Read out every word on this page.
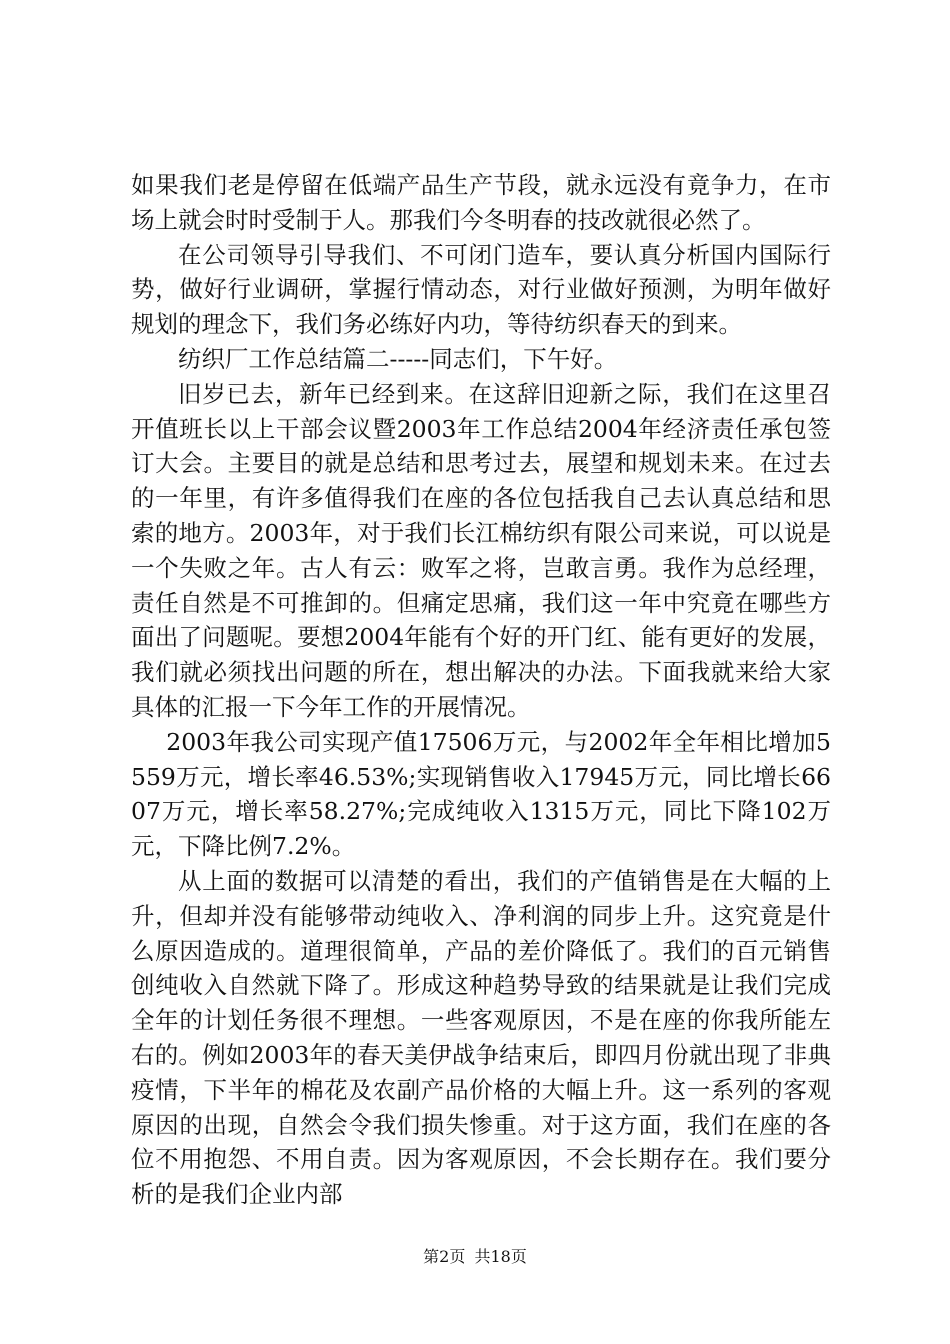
如果我们老是停留在低端产品生产节段，就永远没有竟争力，在市场上就会时时受制于人。那我们今冬明春的技改就很必然了。

在公司领导引导我们、不可闭门造车，要认真分析国内国际行势，做好行业调研，掌握行情动态，对行业做好预测，为明年做好规划的理念下，我们务必练好内功，等待纺织春天的到来。

纺织厂工作总结篇二-----同志们，下午好。

旧岁已去，新年已经到来。在这辞旧迎新之际，我们在这里召开值班长以上干部会议暨2003年工作总结2004年经济责任承包签订大会。主要目的就是总结和思考过去，展望和规划未来。在过去的一年里，有许多值得我们在座的各位包括我自己去认真总结和思索的地方。2003年，对于我们长江棉纺织有限公司来说，可以说是一个失败之年。古人有云：败军之将，岂敢言勇。我作为总经理，责任自然是不可推卸的。但痛定思痛，我们这一年中究竟在哪些方面出了问题呢。要想2004年能有个好的开门红、能有更好的发展，我们就必须找出问题的所在，想出解决的办法。下面我就来给大家具体的汇报一下今年工作的开展情况。

2003年我公司实现产值17506万元，与2002年全年相比增加5559万元，增长率46.53%;实现销售收入17945万元，同比增长6607万元，增长率58.27%;完成纯收入1315万元，同比下降102万元，下降比例7.2%。

从上面的数据可以清楚的看出，我们的产值销售是在大幅的上升，但却并没有能够带动纯收入、净利润的同步上升。这究竟是什么原因造成的。道理很简单，产品的差价降低了。我们的百元销售创纯收入自然就下降了。形成这种趋势导致的结果就是让我们完成全年的计划任务很不理想。一些客观原因，不是在座的你我所能左右的。例如2003年的春天美伊战争结束后，即四月份就出现了非典疫情，下半年的棉花及农副产品价格的大幅上升。这一系列的客观原因的出现，自然会令我们损失惨重。对于这方面，我们在座的各位不用抱怨、不用自责。因为客观原因，不会长期存在。我们要分析的是我们企业内部

第2页 共18页
